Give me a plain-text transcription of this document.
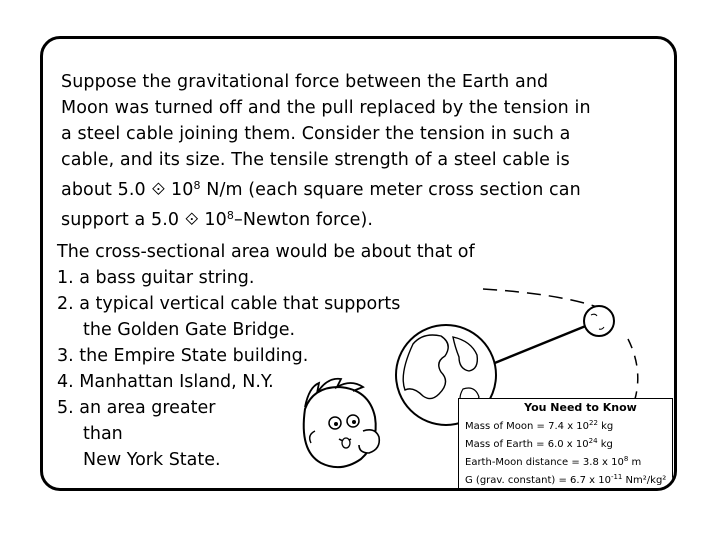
Suppose the gravitational force between the Earth and
Moon was turned off and the pull replaced by the tension in
a steel cable joining them. Consider the tension in such a
cable, and its size. The tensile strength of a steel cable is
about 5.0 ⟐ $10^8$ N/m (each square meter cross section can
support a 5.0 ⟐ $10^8$–Newton force).

The cross-sectional area would be about that of

1. a bass guitar string.
2. a typical vertical cable that supports
the Golden Gate Bridge.
3. the Empire State building.
4. Manhattan Island, N.Y.
5. an area greater
than
New York State.
You Need to Know
Mass of Moon = 7.4 x $10^{22}$ kg
Mass of Earth = 6.0 x $10^{24}$ kg
Earth-Moon distance = 3.8 x $10^8$ m
G (grav. constant) = 6.7 x $10^{-11}$ Nm²/kg²
